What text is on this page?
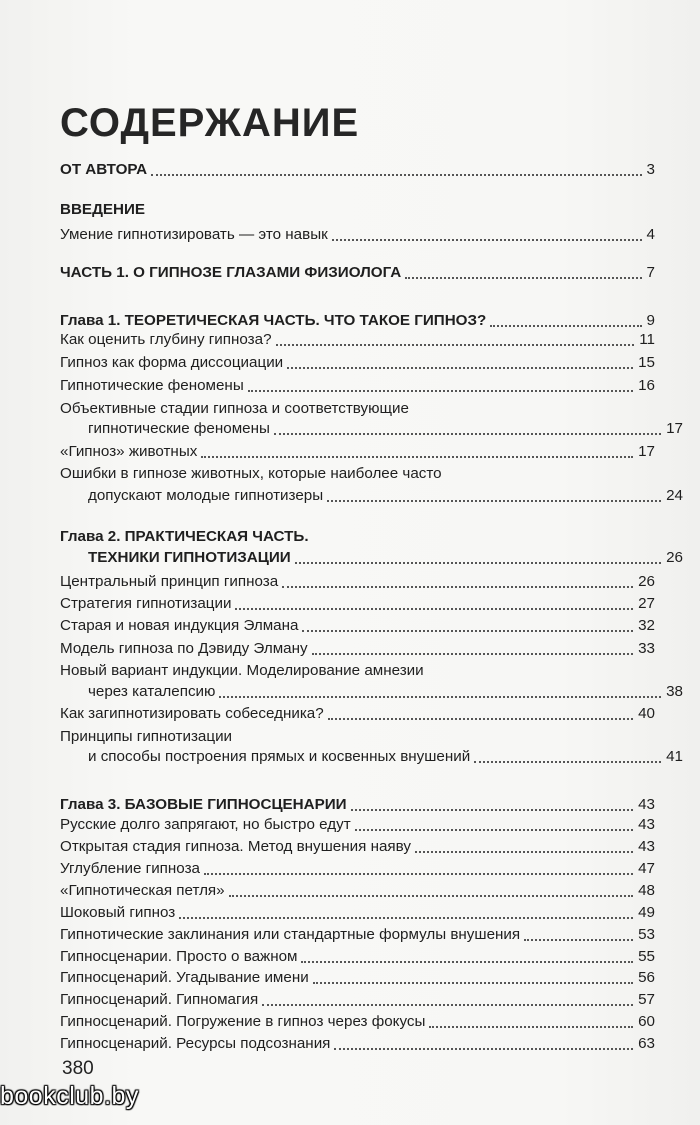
СОДЕРЖАНИЕ
ОТ АВТОРА	3
ВВЕДЕНИЕ
Умение гипнотизировать — это навык	4
ЧАСТЬ 1. О ГИПНОЗЕ ГЛАЗАМИ ФИЗИОЛОГА	7
Глава 1. ТЕОРЕТИЧЕСКАЯ ЧАСТЬ. ЧТО ТАКОЕ ГИПНОЗ?	9
Как оценить глубину гипноза?	11
Гипноз как форма диссоциации	15
Гипнотические феномены	16
Объективные стадии гипноза и соответствующие
гипнотические феномены	17
«Гипноз» животных	17
Ошибки в гипнозе животных, которые наиболее часто
допускают молодые гипнотизеры	24
Глава 2. ПРАКТИЧЕСКАЯ ЧАСТЬ.
ТЕХНИКИ ГИПНОТИЗАЦИИ	26
Центральный принцип гипноза	26
Стратегия гипнотизации	27
Старая и новая индукция Элмана	32
Модель гипноза по Дэвиду Элману	33
Новый вариант индукции. Моделирование амнезии
через каталепсию	38
Как загипнотизировать собеседника?	40
Принципы гипнотизации
и способы построения прямых и косвенных внушений	41
Глава 3. БАЗОВЫЕ ГИПНОСЦЕНАРИИ	43
Русские долго запрягают, но быстро едут	43
Открытая стадия гипноза. Метод внушения наяву	43
Углубление гипноза	47
«Гипнотическая петля»	48
Шоковый гипноз	49
Гипнотические заклинания или стандартные формулы внушения	53
Гипносценарии. Просто о важном	55
Гипносценарий. Угадывание имени	56
Гипносценарий. Гипномагия	57
Гипносценарий. Погружение в гипноз через фокусы	60
Гипносценарий. Ресурсы подсознания	63
380
bookclub.by
